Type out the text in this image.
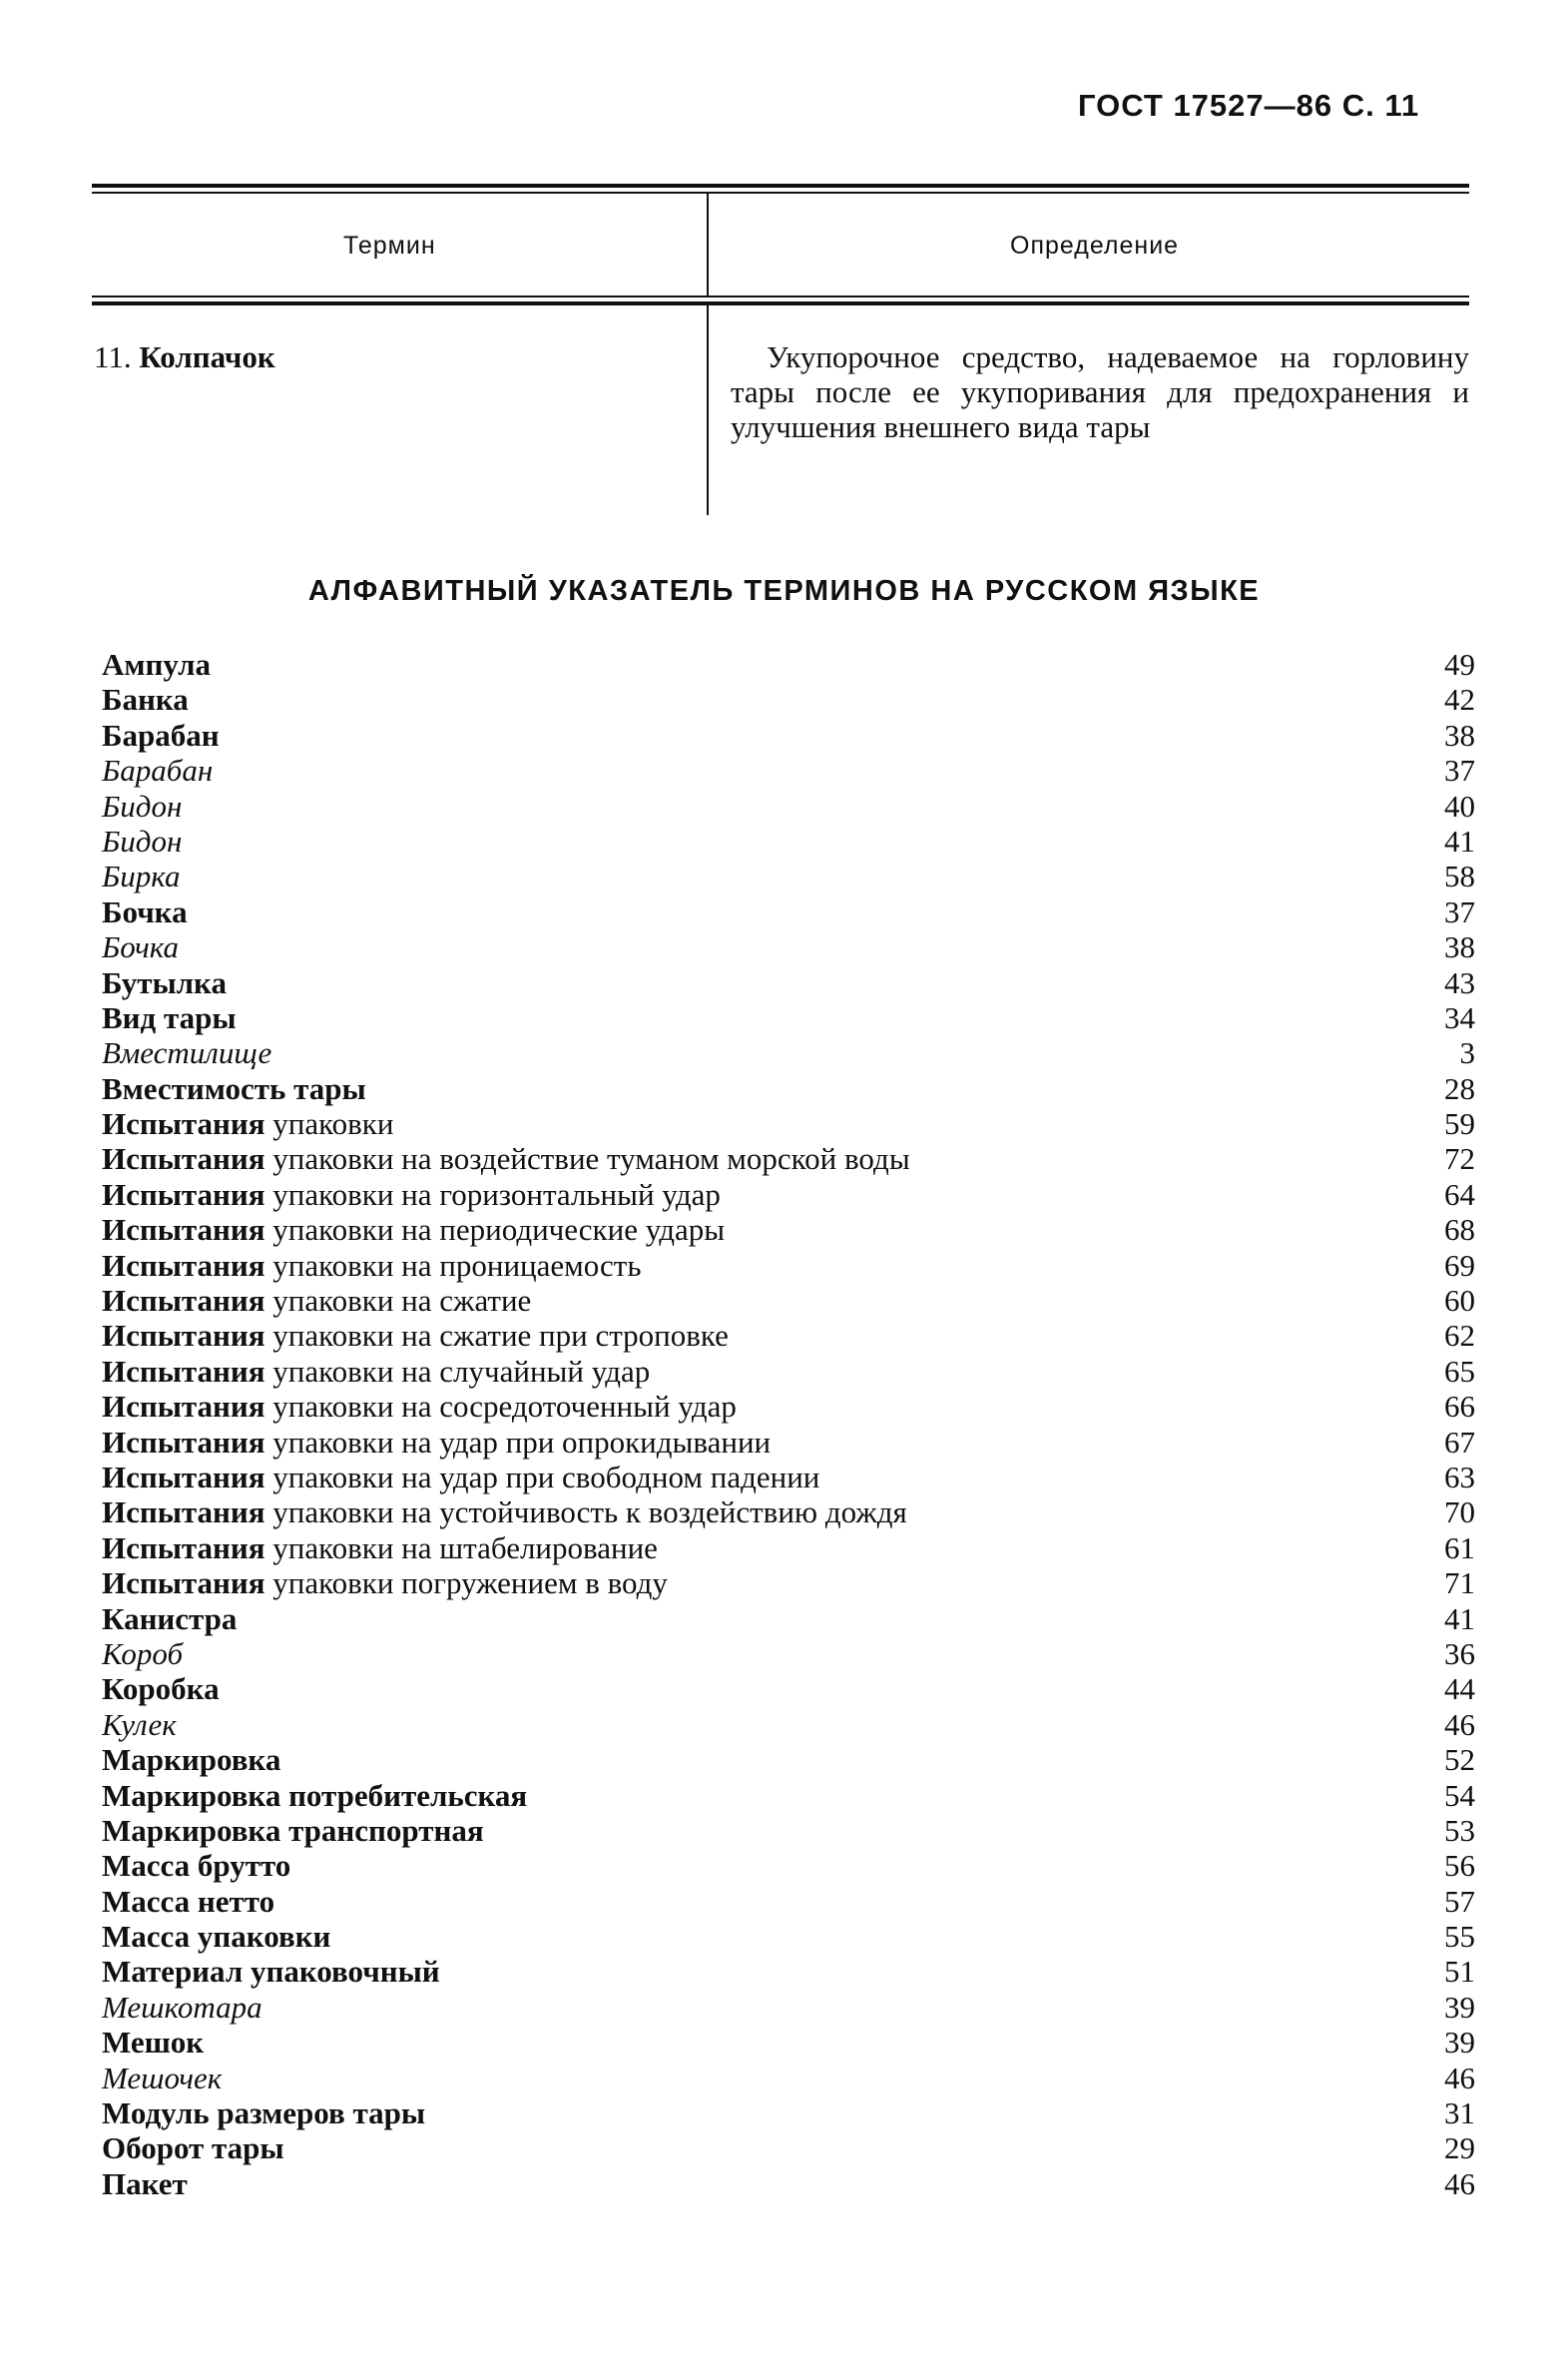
ГОСТ 17527—86 С. 11
Термин	Определение
11. Колпачок	Укупорочное средство, надеваемое на горловину тары после ее укупоривания для предохранения и улучшения внешнего вида тары

АЛФАВИТНЫЙ УКАЗАТЕЛЬ ТЕРМИНОВ НА РУССКОМ ЯЗЫКЕ
Ампула	49
Банка	42
Барабан	38
Барабан	37
Бидон	40
Бидон	41
Бирка	58
Бочка	37
Бочка	38
Бутылка	43
Вид тары	34
Вместилище	3
Вместимость тары	28
Испытания упаковки	59
Испытания упаковки на воздействие туманом морской воды	72
Испытания упаковки на горизонтальный удар	64
Испытания упаковки на периодические удары	68
Испытания упаковки на проницаемость	69
Испытания упаковки на сжатие	60
Испытания упаковки на сжатие при строповке	62
Испытания упаковки на случайный удар	65
Испытания упаковки на сосредоточенный удар	66
Испытания упаковки на удар при опрокидывании	67
Испытания упаковки на удар при свободном падении	63
Испытания упаковки на устойчивость к воздействию дождя	70
Испытания упаковки на штабелирование	61
Испытания упаковки погружением в воду	71
Канистра	41
Короб	36
Коробка	44
Кулек	46
Маркировка	52
Маркировка потребительская	54
Маркировка транспортная	53
Масса брутто	56
Масса нетто	57
Масса упаковки	55
Материал упаковочный	51
Мешкотара	39
Мешок	39
Мешочек	46
Модуль размеров тары	31
Оборот тары	29
Пакет	46
